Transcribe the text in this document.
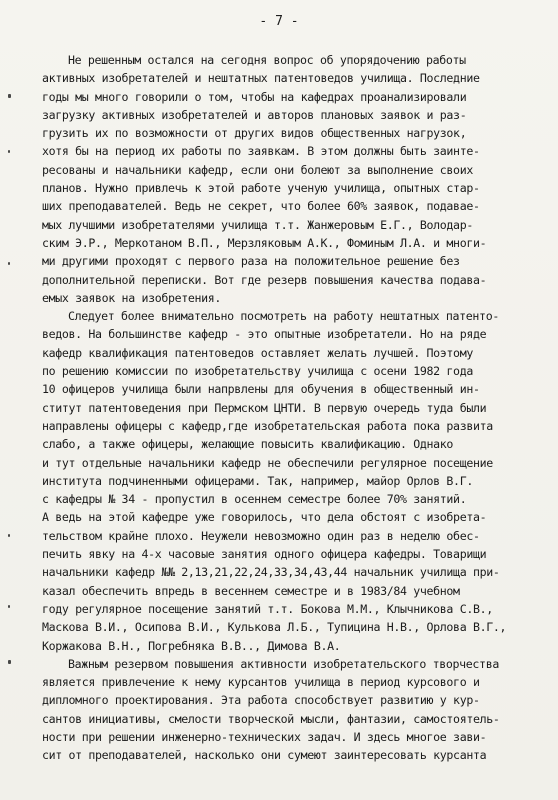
- 7 -
Не решенным остался на сегодня вопрос об упорядочению работы
активных изобретателей и нештатных патентоведов училища. Последние
годы мы много говорили о том, чтобы на кафедрах проанализировали
загрузку активных изобретателей и авторов плановых заявок и раз-
грузить их по возможности от других видов общественных нагрузок,
хотя бы на период их работы по заявкам. В этом должны быть заинте-
ресованы и начальники кафедр, если они болеют за выполнение своих
планов. Нужно привлечь к этой работе ученую училища, опытных стар-
ших преподавателей. Ведь не секрет, что более 60% заявок, подавае-
мых лучшими изобретателями училища т.т. Жанжеровым Е.Г., Володар-
ским Э.Р., Меркотаном В.П., Мерзляковым А.К., Фоминым Л.А. и многи-
ми другими проходят с первого раза на положительное решение без
дополнительной переписки. Вот где резерв повышения качества подава-
емых заявок на изобретения.
Следует более внимательно посмотреть на работу нештатных патенто-
ведов. На большинстве кафедр - это опытные изобретатели. Но на ряде
кафедр квалификация патентоведов оставляет желать лучшей. Поэтому
по решению комиссии по изобретательству училища с осени 1982 года
10 офицеров училища были напрвлены для обучения в общественный ин-
ститут патентоведения при Пермском ЦНТИ. В первую очередь туда были
направлены офицеры с кафедр,где изобретательская работа пока развита
слабо, а также офицеры, желающие повысить квалификацию. Однако
и тут отдельные начальники кафедр не обеспечили регулярное посещение
института подчиненными офицерами. Так, например, майор Орлов В.Г.
с кафедры № 34 - пропустил в осеннем семестре более 70% занятий.
А ведь на этой кафедре уже говорилось, что дела обстоят с изобрета-
тельством крайне плохо. Неужели невозможно один раз в неделю обес-
печить явку на 4-х часовые занятия одного офицера кафедры. Товарищи
начальники кафедр №№ 2,13,21,22,24,33,34,43,44 начальник училища при-
казал обеспечить впредь в весеннем семестре и в 1983/84 учебном
году регулярное посещение занятий т.т. Бокова М.М., Клычникова С.В.,
Маскова В.И., Осипова В.И., Кулькова Л.Б., Тупицина Н.В., Орлова В.Г.,
Коржакова В.Н., Погребняка В.В.., Димова В.А.
Важным резервом повышения активности изобретательского творчества
является привлечение к нему курсантов училища в период курсового и
дипломного проектирования. Эта работа способствует развитию у кур-
сантов инициативы, смелости творческой мысли, фантазии, самостоятель-
ности при решении инженерно-технических задач. И здесь многое зави-
сит от преподавателей, насколько они сумеют заинтересовать курсанта
